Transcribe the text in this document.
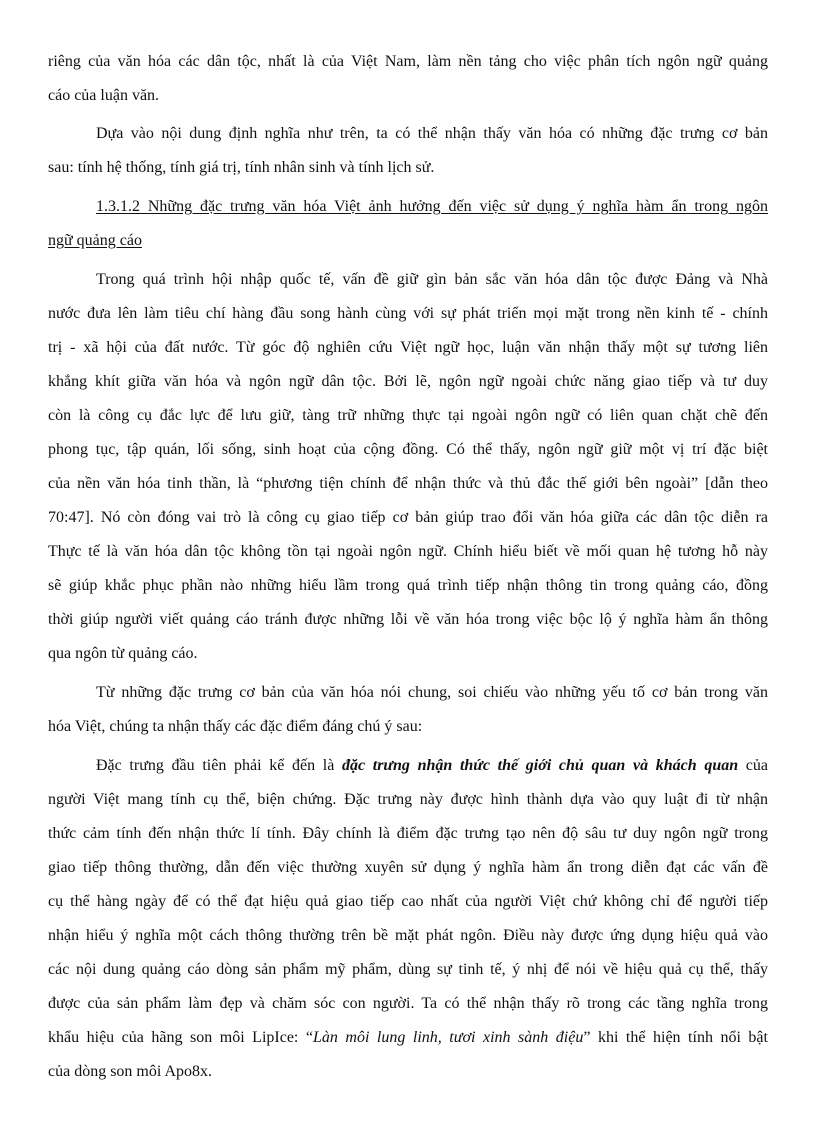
riêng của văn hóa các dân tộc, nhất là của Việt Nam, làm nền tảng cho việc phân tích ngôn ngữ quảng
cáo của luận văn.
Dựa vào nội dung định nghĩa như trên, ta có thể nhận thấy văn hóa có những đặc trưng cơ bản
sau: tính hệ thống, tính giá trị, tính nhân sinh và tính lịch sử.
1.3.1.2 Những đặc trưng văn hóa Việt ảnh hưởng đến việc sử dụng ý nghĩa hàm ẩn trong ngôn
ngữ quảng cáo
Trong quá trình hội nhập quốc tế, vấn đề giữ gìn bản sắc văn hóa dân tộc được Đảng và Nhà
nước đưa lên làm tiêu chí hàng đầu song hành cùng với sự phát triển mọi mặt trong nền kinh tế - chính
trị - xã hội của đất nước. Từ góc độ nghiên cứu Việt ngữ học, luận văn nhận thấy một sự tương liên
khắng khít giữa văn hóa và ngôn ngữ dân tộc. Bởi lẽ, ngôn ngữ ngoài chức năng giao tiếp và tư duy
còn là công cụ đắc lực để lưu giữ, tàng trữ những thực tại ngoài ngôn ngữ có liên quan chặt chẽ đến
phong tục, tập quán, lối sống, sinh hoạt của cộng đồng. Có thể thấy, ngôn ngữ giữ một vị trí đặc biệt
của nền văn hóa tinh thần, là “phương tiện chính để nhận thức và thủ đắc thế giới bên ngoài” [dẫn theo
70:47]. Nó còn đóng vai trò là công cụ giao tiếp cơ bản giúp trao đổi văn hóa giữa các dân tộc diễn ra
Thực tế là văn hóa dân tộc không tồn tại ngoài ngôn ngữ. Chính hiểu biết về mối quan hệ tương hỗ này
sẽ giúp khắc phục phần nào những hiểu lầm trong quá trình tiếp nhận thông tin trong quảng cáo, đồng
thời giúp người viết quảng cáo tránh được những lỗi về văn hóa trong việc bộc lộ ý nghĩa hàm ẩn thông
qua ngôn từ quảng cáo.
Từ những đặc trưng cơ bản của văn hóa nói chung, soi chiếu vào những yếu tố cơ bản trong văn
hóa Việt, chúng ta nhận thấy các đặc điểm đáng chú ý sau:
Đặc trưng đầu tiên phải kể đến là đặc trưng nhận thức thế giới chủ quan và khách quan của
người Việt mang tính cụ thể, biện chứng. Đặc trưng này được hình thành dựa vào quy luật đi từ nhận
thức cảm tính đến nhận thức lí tính. Đây chính là điểm đặc trưng tạo nên độ sâu tư duy ngôn ngữ trong
giao tiếp thông thường, dẫn đến việc thường xuyên sử dụng ý nghĩa hàm ẩn trong diễn đạt các vấn đề
cụ thể hàng ngày để có thể đạt hiệu quả giao tiếp cao nhất của người Việt chứ không chỉ để người tiếp
nhận hiểu ý nghĩa một cách thông thường trên bề mặt phát ngôn. Điều này được ứng dụng hiệu quả vào
các nội dung quảng cáo dòng sản phẩm mỹ phẩm, dùng sự tinh tế, ý nhị để nói về hiệu quả cụ thể, thấy
được của sản phẩm làm đẹp và chăm sóc con người. Ta có thể nhận thấy rõ trong các tầng nghĩa trong
khẩu hiệu của hãng son môi LipIce: “Làn môi lung linh, tươi xinh sành điệu” khi thể hiện tính nổi bật
của dòng son môi Apo8x.
